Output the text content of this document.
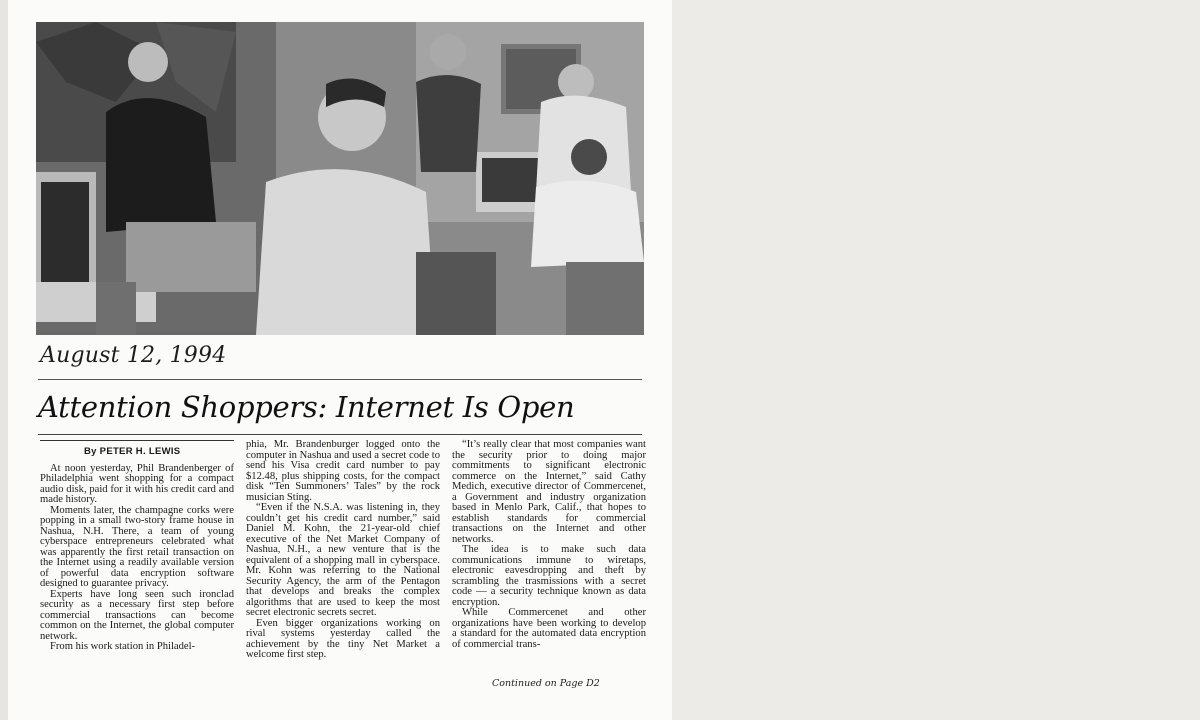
August 12, 1994
Attention Shoppers: Internet Is Open
By PETER H. LEWIS

At noon yesterday, Phil Brandenberger of Philadelphia went shopping for a compact audio disk, paid for it with his credit card and made history.

Moments later, the champagne corks were popping in a small two-story frame house in Nashua, N.H. There, a team of young cyberspace entrepreneurs celebrated what was apparently the first retail transaction on the Internet using a readily available version of powerful data encryption software designed to guarantee privacy.

Experts have long seen such ironclad security as a necessary first step before commercial transactions can become common on the Internet, the global computer network.

From his work station in Philadel-

phia, Mr. Brandenburger logged onto the computer in Nashua and used a secret code to send his Visa credit card number to pay $12.48, plus shipping costs, for the compact disk “Ten Summoners’ Tales” by the rock musician Sting.

“Even if the N.S.A. was listening in, they couldn’t get his credit card number,” said Daniel M. Kohn, the 21-year-old chief executive of the Net Market Company of Nashua, N.H., a new venture that is the equivalent of a shopping mall in cyberspace. Mr. Kohn was referring to the National Security Agency, the arm of the Pentagon that develops and breaks the complex algorithms that are used to keep the most secret electronic secrets secret.

Even bigger organizations working on rival systems yesterday called the achievement by the tiny Net Market a welcome first step.

“It’s really clear that most companies want the security prior to doing major commitments to significant electronic commerce on the Internet,” said Cathy Medich, executive director of Commercenet, a Government and industry organization based in Menlo Park, Calif., that hopes to establish standards for commercial transactions on the Internet and other networks.

The idea is to make such data communications immune to wiretaps, electronic eavesdropping and theft by scrambling the trasmissions with a secret code — a security technique known as data encryption.

While Commercenet and other organizations have been working to develop a standard for the automated data encryption of commercial trans-

Continued on Page D2
